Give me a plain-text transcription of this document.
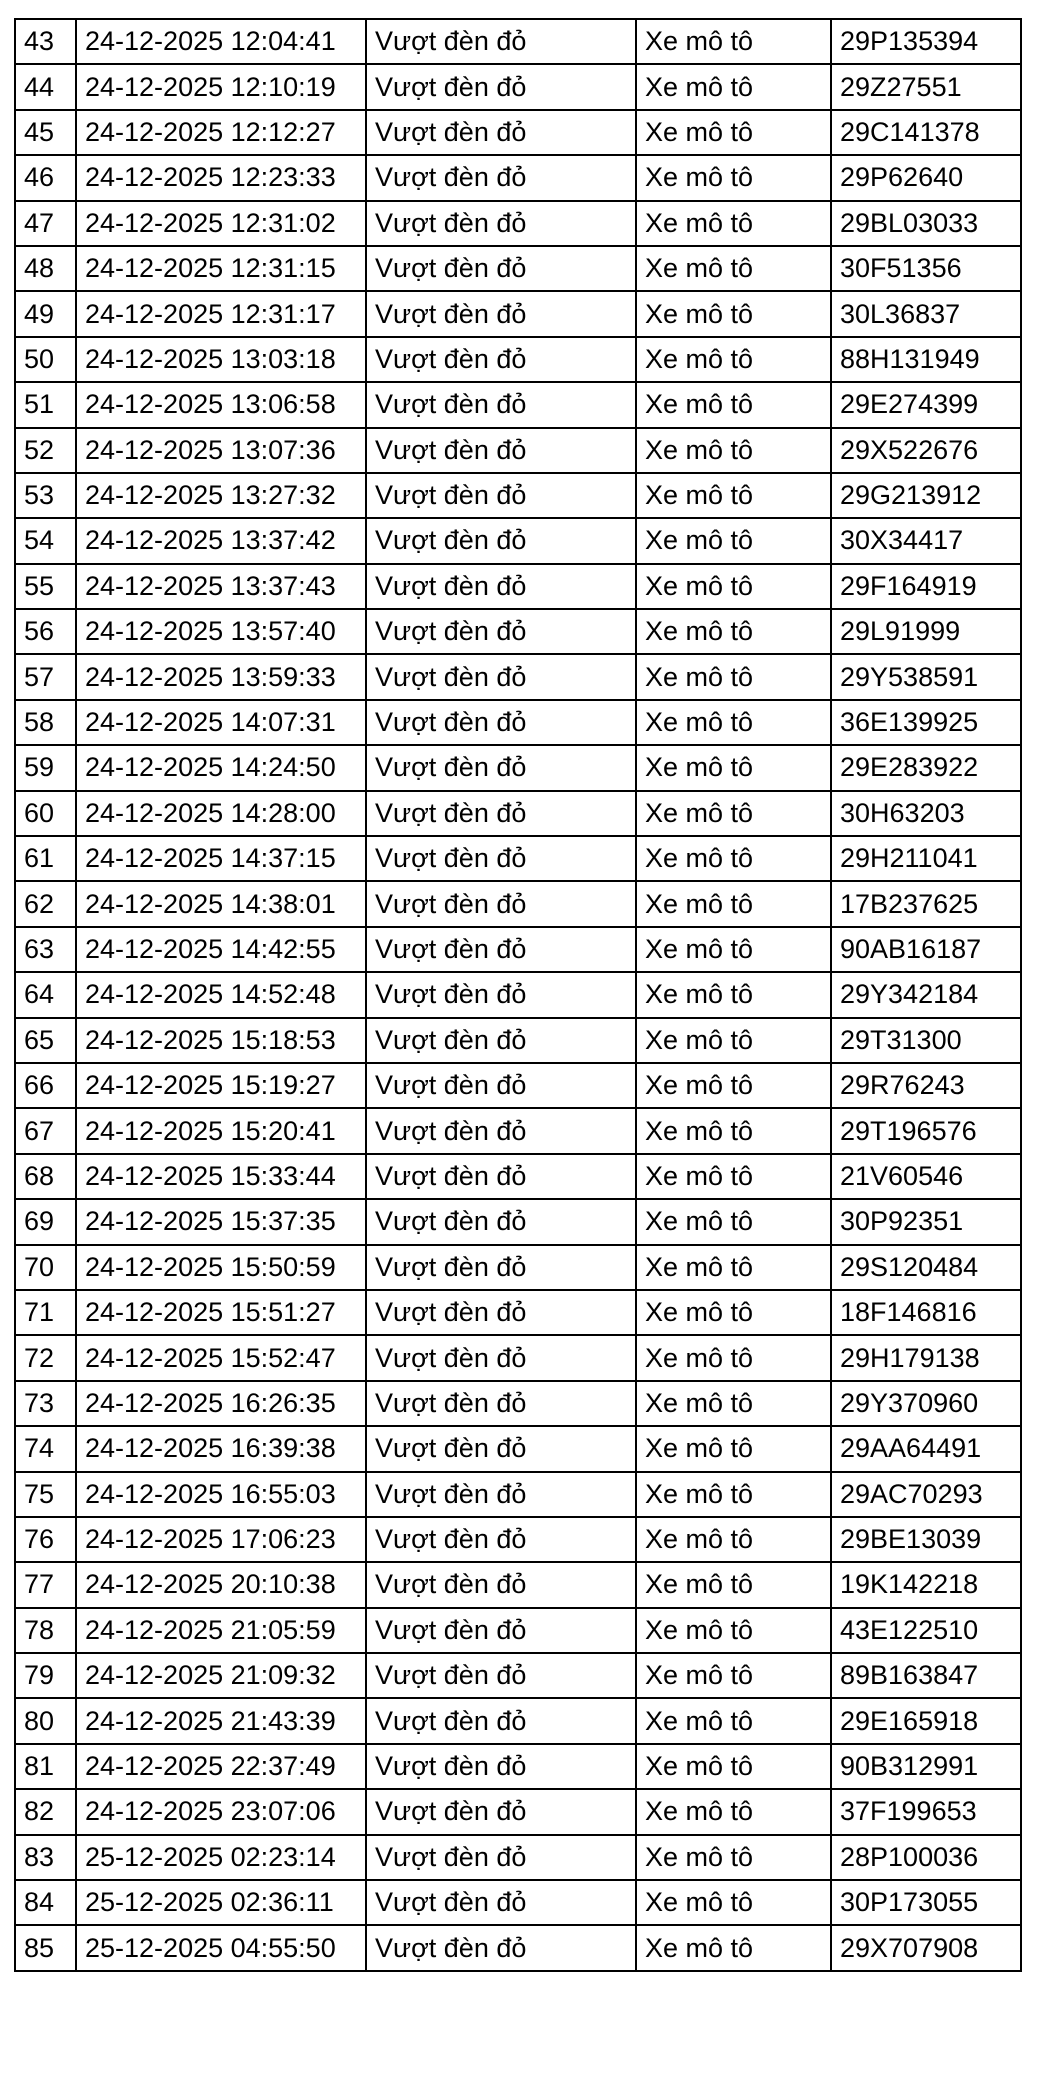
43	24-12-2025 12:04:41	Vượt đèn đỏ	Xe mô tô	29P135394
44	24-12-2025 12:10:19	Vượt đèn đỏ	Xe mô tô	29Z27551
45	24-12-2025 12:12:27	Vượt đèn đỏ	Xe mô tô	29C141378
46	24-12-2025 12:23:33	Vượt đèn đỏ	Xe mô tô	29P62640
47	24-12-2025 12:31:02	Vượt đèn đỏ	Xe mô tô	29BL03033
48	24-12-2025 12:31:15	Vượt đèn đỏ	Xe mô tô	30F51356
49	24-12-2025 12:31:17	Vượt đèn đỏ	Xe mô tô	30L36837
50	24-12-2025 13:03:18	Vượt đèn đỏ	Xe mô tô	88H131949
51	24-12-2025 13:06:58	Vượt đèn đỏ	Xe mô tô	29E274399
52	24-12-2025 13:07:36	Vượt đèn đỏ	Xe mô tô	29X522676
53	24-12-2025 13:27:32	Vượt đèn đỏ	Xe mô tô	29G213912
54	24-12-2025 13:37:42	Vượt đèn đỏ	Xe mô tô	30X34417
55	24-12-2025 13:37:43	Vượt đèn đỏ	Xe mô tô	29F164919
56	24-12-2025 13:57:40	Vượt đèn đỏ	Xe mô tô	29L91999
57	24-12-2025 13:59:33	Vượt đèn đỏ	Xe mô tô	29Y538591
58	24-12-2025 14:07:31	Vượt đèn đỏ	Xe mô tô	36E139925
59	24-12-2025 14:24:50	Vượt đèn đỏ	Xe mô tô	29E283922
60	24-12-2025 14:28:00	Vượt đèn đỏ	Xe mô tô	30H63203
61	24-12-2025 14:37:15	Vượt đèn đỏ	Xe mô tô	29H211041
62	24-12-2025 14:38:01	Vượt đèn đỏ	Xe mô tô	17B237625
63	24-12-2025 14:42:55	Vượt đèn đỏ	Xe mô tô	90AB16187
64	24-12-2025 14:52:48	Vượt đèn đỏ	Xe mô tô	29Y342184
65	24-12-2025 15:18:53	Vượt đèn đỏ	Xe mô tô	29T31300
66	24-12-2025 15:19:27	Vượt đèn đỏ	Xe mô tô	29R76243
67	24-12-2025 15:20:41	Vượt đèn đỏ	Xe mô tô	29T196576
68	24-12-2025 15:33:44	Vượt đèn đỏ	Xe mô tô	21V60546
69	24-12-2025 15:37:35	Vượt đèn đỏ	Xe mô tô	30P92351
70	24-12-2025 15:50:59	Vượt đèn đỏ	Xe mô tô	29S120484
71	24-12-2025 15:51:27	Vượt đèn đỏ	Xe mô tô	18F146816
72	24-12-2025 15:52:47	Vượt đèn đỏ	Xe mô tô	29H179138
73	24-12-2025 16:26:35	Vượt đèn đỏ	Xe mô tô	29Y370960
74	24-12-2025 16:39:38	Vượt đèn đỏ	Xe mô tô	29AA64491
75	24-12-2025 16:55:03	Vượt đèn đỏ	Xe mô tô	29AC70293
76	24-12-2025 17:06:23	Vượt đèn đỏ	Xe mô tô	29BE13039
77	24-12-2025 20:10:38	Vượt đèn đỏ	Xe mô tô	19K142218
78	24-12-2025 21:05:59	Vượt đèn đỏ	Xe mô tô	43E122510
79	24-12-2025 21:09:32	Vượt đèn đỏ	Xe mô tô	89B163847
80	24-12-2025 21:43:39	Vượt đèn đỏ	Xe mô tô	29E165918
81	24-12-2025 22:37:49	Vượt đèn đỏ	Xe mô tô	90B312991
82	24-12-2025 23:07:06	Vượt đèn đỏ	Xe mô tô	37F199653
83	25-12-2025 02:23:14	Vượt đèn đỏ	Xe mô tô	28P100036
84	25-12-2025 02:36:11	Vượt đèn đỏ	Xe mô tô	30P173055
85	25-12-2025 04:55:50	Vượt đèn đỏ	Xe mô tô	29X707908
